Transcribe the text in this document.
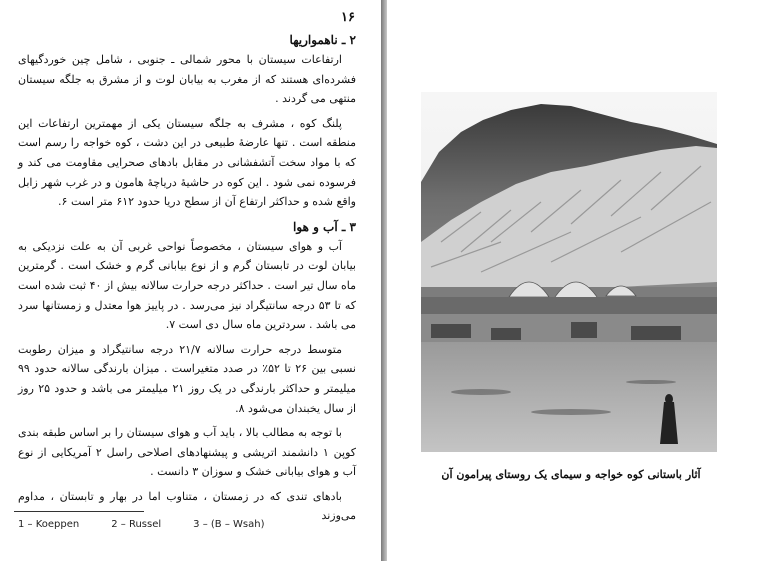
۱۶
۲ ـ ناهمواریها

ارتفاعات سیستان با محور شمالی ـ جنوبی ، شامل چین خوردگیهای فشرده‌ای هستند که از مغرب به بیابان لوت و از مشرق به جلگه سیستان منتهی می گردند .

پلنگ کوه ، مشرف به جلگه سیستان یکی از مهمترین ارتفاعات این منطقه است . تنها عارضهٔ طبیعی در این دشت ، کوه خواجه را رسم است که با مواد سخت آتشفشانی در مقابل بادهای صحرایی مقاومت می کند و فرسوده نمی شود . این کوه در حاشیهٔ دریاچهٔ هامون و در غرب شهر زابل واقع شده و حداکثر ارتفاع آن از سطح دریا حدود ۶۱۲ متر است ۶.

۳ ـ آب و هوا

آب و هوای سیستان ، مخصوصاً نواحی غربی آن به علت نزدیکی به بیابان لوت در تابستان گرم و از نوع بیابانی گرم و خشک است . گرمترین ماه سال تیر است . حداکثر درجه حرارت سالانه بیش از ۴۰ ثبت شده است که تا ۵۳ درجه سانتیگراد نیز می‌رسد . در پاییز هوا معتدل و زمستانها سرد می باشد . سردترین ماه سال دی است ۷.

متوسط درجه حرارت سالانه ۲۱/۷ درجه سانتیگراد و میزان رطوبت نسبی بین ۲۶ تا ۵۲٪ در صدد متغیراست . میزان بارندگی سالانه حدود ۹۹ میلیمتر و حداکثر بارندگی در یک روز ۲۱ میلیمتر می باشد و حدود ۲۵ روز از سال یخبندان می‌شود ۸.

با توجه به مطالب بالا ، باید آب و هوای سیستان را بر اساس طبقه بندی کوپن ۱ دانشمند اتریشی و پیشنهادهای اصلاحی راسل ۲ آمریکایی از نوع آب و هوای بیابانی خشک و سوزان ۳ دانست .

بادهای تندی که در زمستان ، متناوب اما در بهار و تابستان ، مداوم می‌وزند

1 – Koeppen	2 – Russel	3 – (B – Wsah)
آثار باستانی کوه خواجه و سیمای یک روستای پیرامون آن
